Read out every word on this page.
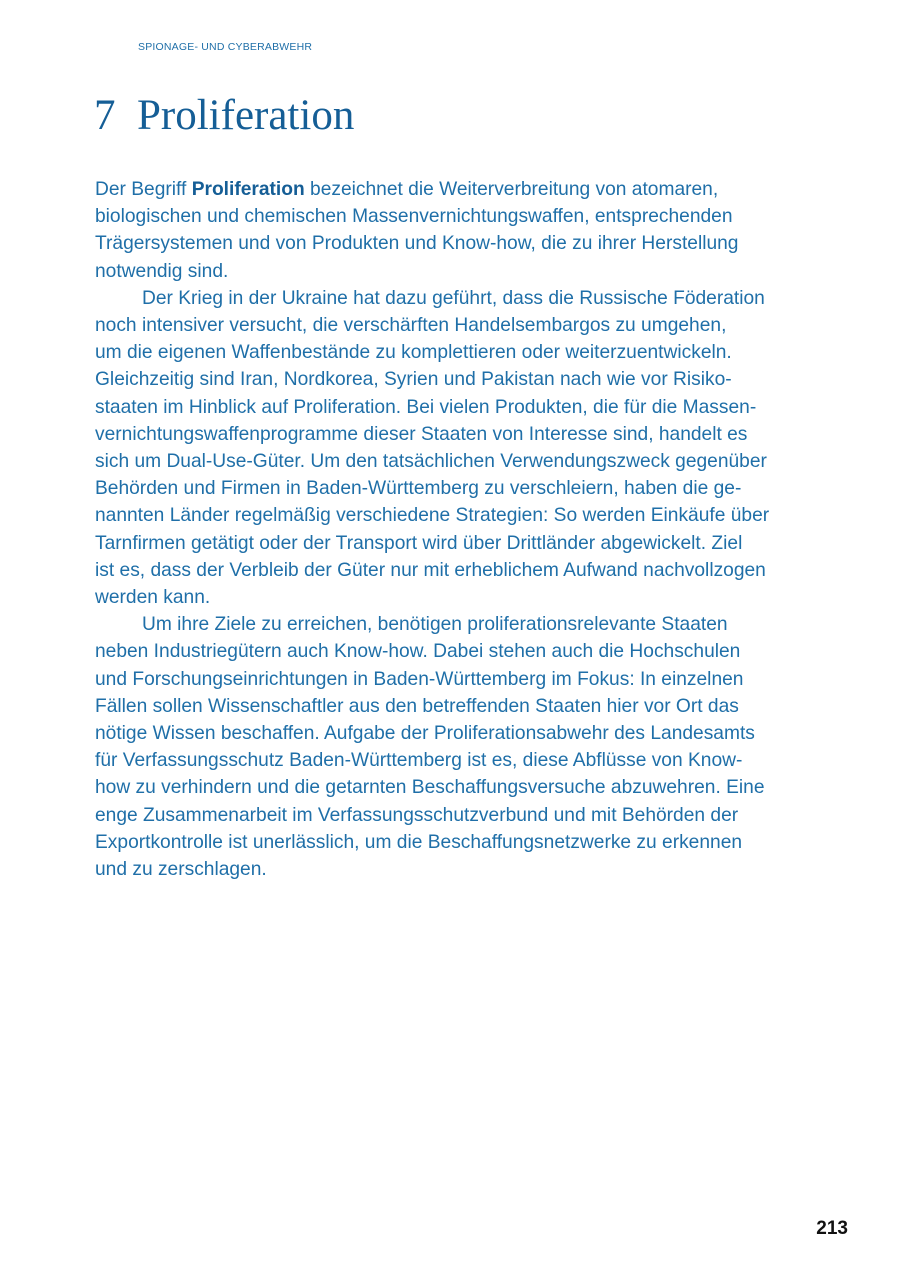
SPIONAGE- UND CYBERABWEHR
7 Proliferation

Der Begriff Proliferation bezeichnet die Weiterverbreitung von atomaren,
biologischen und chemischen Massenvernichtungswaffen, entsprechenden
Trägersystemen und von Produkten und Know-how, die zu ihrer Herstellung
notwendig sind.

Der Krieg in der Ukraine hat dazu geführt, dass die Russische Föderation
noch intensiver versucht, die verschärften Handelsembargos zu umgehen,
um die eigenen Waffenbestände zu komplettieren oder weiterzuentwickeln.
Gleichzeitig sind Iran, Nordkorea, Syrien und Pakistan nach wie vor Risiko-
staaten im Hinblick auf Proliferation. Bei vielen Produkten, die für die Massen-
vernichtungswaffenprogramme dieser Staaten von Interesse sind, handelt es
sich um Dual-Use-Güter. Um den tatsächlichen Verwendungszweck gegenüber
Behörden und Firmen in Baden-Württemberg zu verschleiern, haben die ge-
nannten Länder regelmäßig verschiedene Strategien: So werden Einkäufe über
Tarnfirmen getätigt oder der Transport wird über Drittländer abgewickelt. Ziel
ist es, dass der Verbleib der Güter nur mit erheblichem Aufwand nachvollzogen
werden kann.

Um ihre Ziele zu erreichen, benötigen proliferationsrelevante Staaten
neben Industriegütern auch Know-how. Dabei stehen auch die Hochschulen
und Forschungseinrichtungen in Baden-Württemberg im Fokus: In einzelnen
Fällen sollen Wissenschaftler aus den betreffenden Staaten hier vor Ort das
nötige Wissen beschaffen. Aufgabe der Proliferationsabwehr des Landesamts
für Verfassungsschutz Baden-Württemberg ist es, diese Abflüsse von Know-
how zu verhindern und die getarnten Beschaffungsversuche abzuwehren. Eine
enge Zusammenarbeit im Verfassungsschutzverbund und mit Behörden der
Exportkontrolle ist unerlässlich, um die Beschaffungsnetzwerke zu erkennen
und zu zerschlagen.

213
